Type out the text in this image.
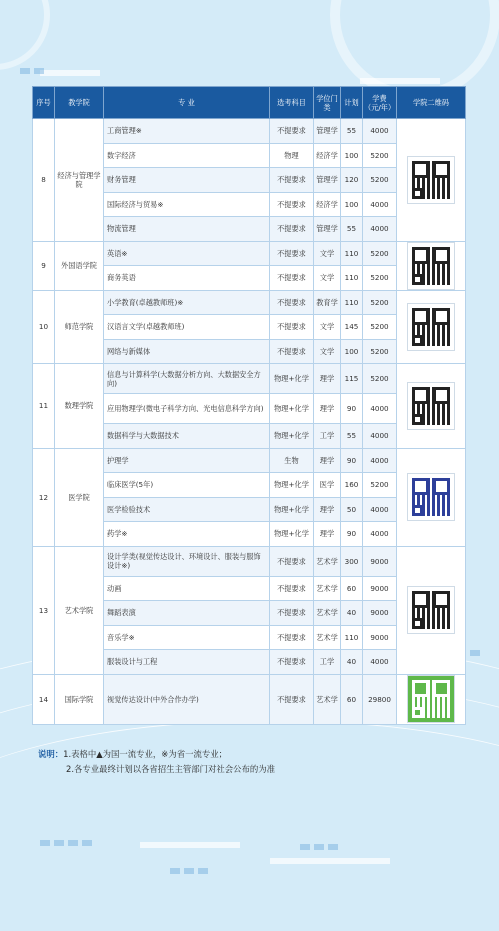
序号	教学院	专 业	选考科目	学位门类	计划	学费（元/年）	学院二维码
8	经济与管理学院	工商管理※	不提要求	管理学	55	4000	

		数字经济	物理	经济学	100	5200	
		财务管理	不提要求	管理学	120	5200	
		国际经济与贸易※	不提要求	经济学	100	4000	
		物流管理	不提要求	管理学	55	4000	
9	外国语学院	英语※	不提要求	文学	110	5200	

		商务英语	不提要求	文学	110	5200	
10	师范学院	小学教育(卓越教师班)※	不提要求	教育学	110	5200	

		汉语言文学(卓越教师班)	不提要求	文学	145	5200	
		网络与新媒体	不提要求	文学	100	5200	
11	数理学院	信息与计算科学(大数据分析方向、大数据安全方向)	物理+化学	理学	115	5200	

		应用物理学(微电子科学方向、光电信息科学方向)	物理+化学	理学	90	4000	
		数据科学与大数据技术	物理+化学	工学	55	4000	
12	医学院	护理学	生物	理学	90	4000	

		临床医学(5年)	物理+化学	医学	160	5200	
		医学检验技术	物理+化学	理学	50	4000	
		药学※	物理+化学	理学	90	4000	
13	艺术学院	设计学类(视觉传达设计、环境设计、服装与服饰设计※)	不提要求	艺术学	300	9000	

		动画	不提要求	艺术学	60	9000	
		舞蹈表演	不提要求	艺术学	40	9000	
		音乐学※	不提要求	艺术学	110	9000	
		服装设计与工程	不提要求	工学	40	4000	
14	国际学院	视觉传达设计(中外合作办学)	不提要求	艺术学	60	29800	
说明：1.表格中▲为国一流专业，※为省一流专业；
2.各专业最终计划以各省招生主管部门对社会公布的为准
